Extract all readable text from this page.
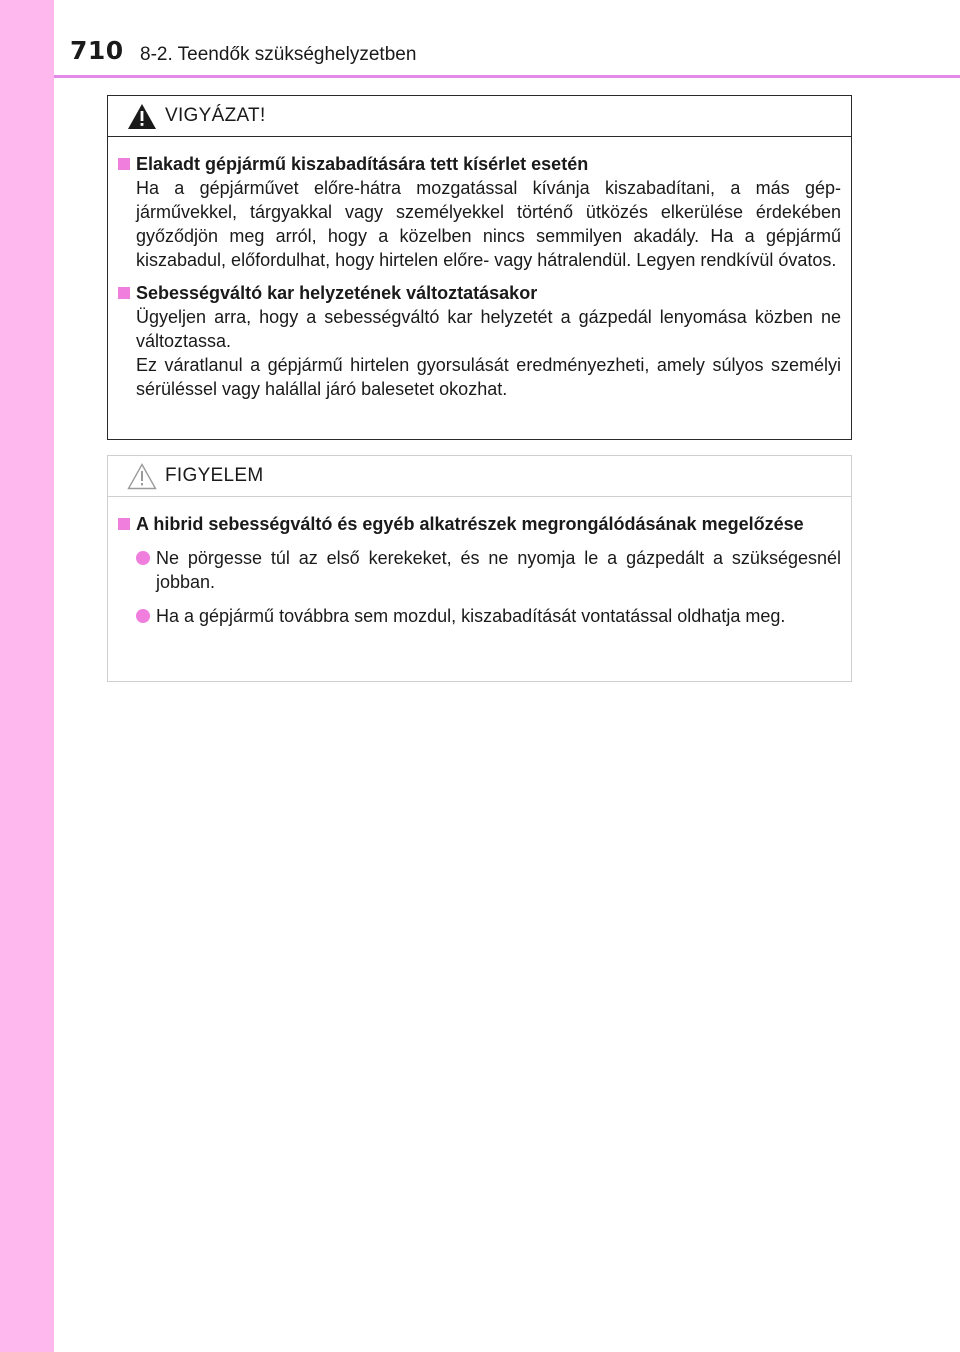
710 8-2. Teendők szükséghelyzetben
VIGYÁZAT!
Elakadt gépjármű kiszabadítására tett kísérlet esetén
Ha a gépjárművet előre-hátra mozgatással kívánja kiszabadítani, a más gépjárművekkel, tárgyakkal vagy személyekkel történő ütközés elkerülése érdekében győződjön meg arról, hogy a közelben nincs semmilyen akadály. Ha a gépjármű kiszabadul, előfordulhat, hogy hirtelen előre- vagy hátralendül. Legyen rendkívül óvatos.
Sebességváltó kar helyzetének változtatásakor
Ügyeljen arra, hogy a sebességváltó kar helyzetét a gázpedál lenyomása közben ne változtassa.
Ez váratlanul a gépjármű hirtelen gyorsulását eredményezheti, amely súlyos személyi sérüléssel vagy halállal járó balesetet okozhat.
FIGYELEM
A hibrid sebességváltó és egyéb alkatrészek megrongálódásának megelőzése
Ne pörgesse túl az első kerekeket, és ne nyomja le a gázpedált a szükségesnél jobban.
Ha a gépjármű továbbra sem mozdul, kiszabadítását vontatással oldhatja meg.
